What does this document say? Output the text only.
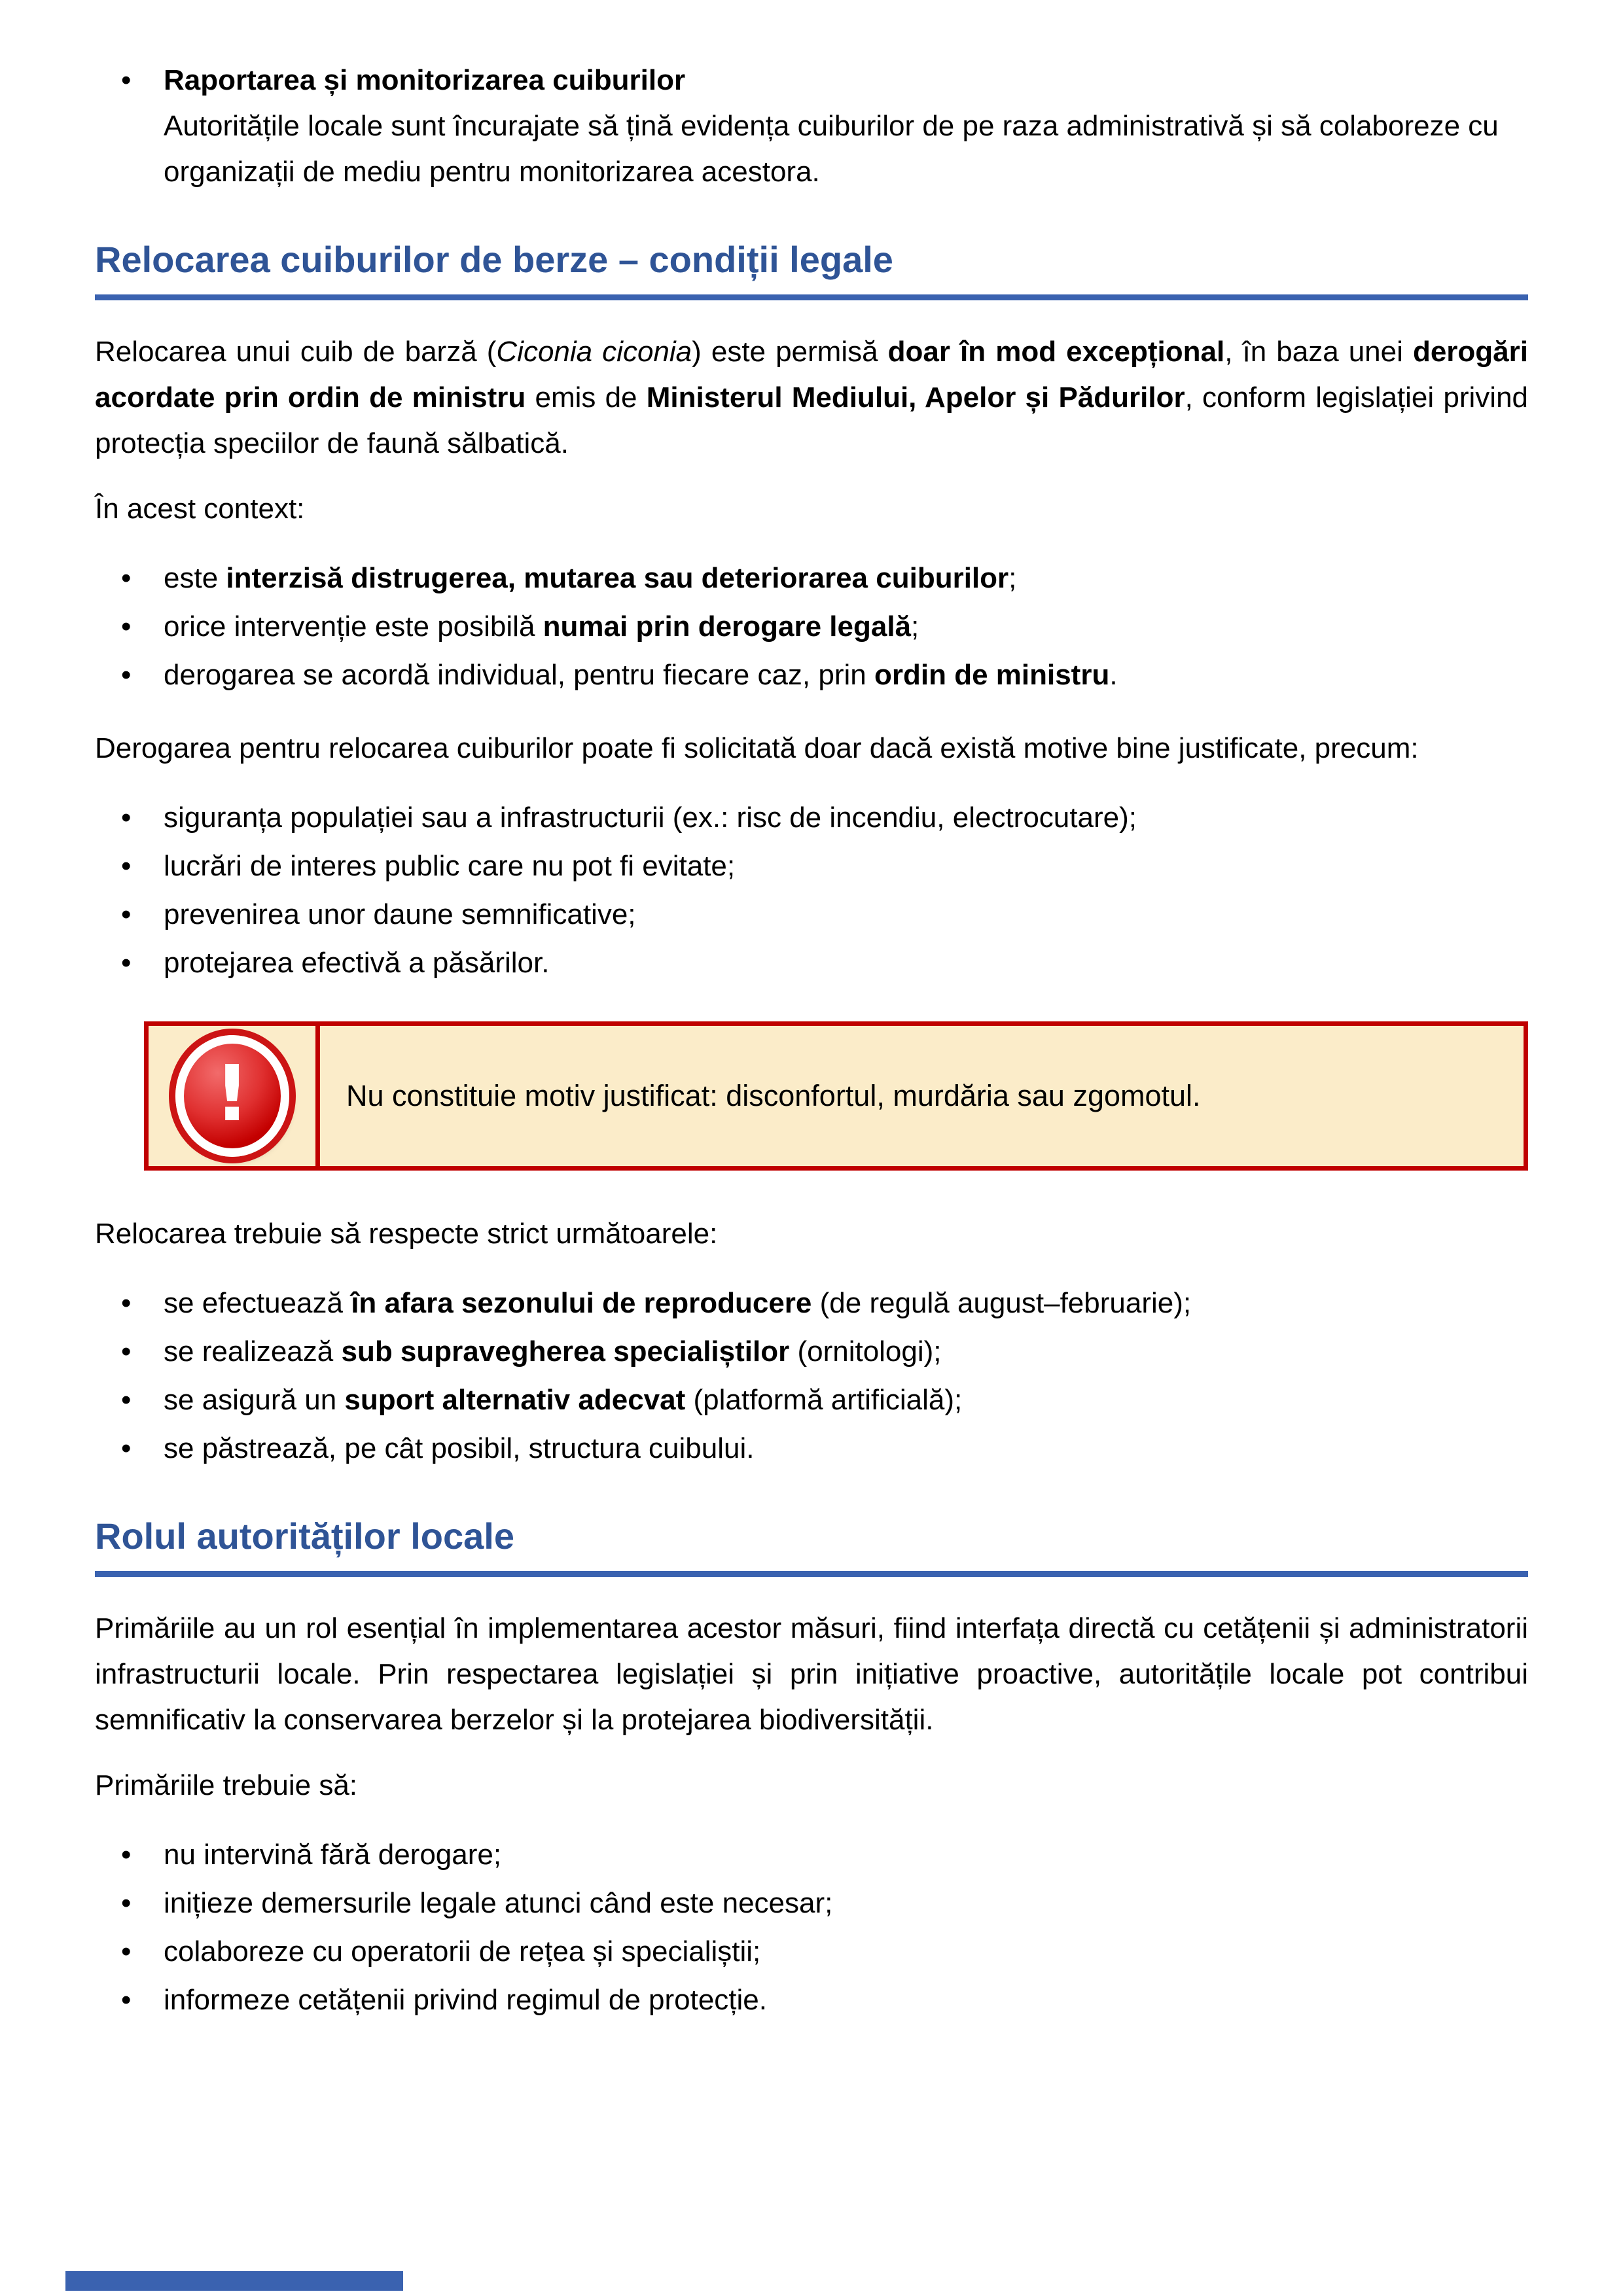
• Raportarea și monitorizarea cuiburilor
Autoritățile locale sunt încurajate să țină evidența cuiburilor de pe raza administrativă și să colaboreze cu organizații de mediu pentru monitorizarea acestora.
Relocarea cuiburilor de berze – condiții legale

Relocarea unui cuib de barză (Ciconia ciconia) este permisă doar în mod excepțional, în baza unei derogări acordate prin ordin de ministru emis de Ministerul Mediului, Apelor și Pădurilor, conform legislației privind protecția speciilor de faună sălbatică.

În acest context:

• este interzisă distrugerea, mutarea sau deteriorarea cuiburilor;
• orice intervenție este posibilă numai prin derogare legală;
• derogarea se acordă individual, pentru fiecare caz, prin ordin de ministru.

Derogarea pentru relocarea cuiburilor poate fi solicitată doar dacă există motive bine justificate, precum:

• siguranța populației sau a infrastructurii (ex.: risc de incendiu, electrocutare);
• lucrări de interes public care nu pot fi evitate;
• prevenirea unor daune semnificative;
• protejarea efectivă a păsărilor.
!	Nu constituie motiv justificat: disconfortul, murdăria sau zgomotul.

Relocarea trebuie să respecte strict următoarele:

• se efectuează în afara sezonului de reproducere (de regulă august–februarie);
• se realizează sub supravegherea specialiștilor (ornitologi);
• se asigură un suport alternativ adecvat (platformă artificială);
• se păstrează, pe cât posibil, structura cuibului.
Rolul autorităților locale

Primăriile au un rol esențial în implementarea acestor măsuri, fiind interfața directă cu cetățenii și administratorii infrastructurii locale. Prin respectarea legislației și prin inițiative proactive, autoritățile locale pot contribui semnificativ la conservarea berzelor și la protejarea biodiversității.

Primăriile trebuie să:

• nu intervină fără derogare;
• inițieze demersurile legale atunci când este necesar;
• colaboreze cu operatorii de rețea și specialiștii;
• informeze cetățenii privind regimul de protecție.
